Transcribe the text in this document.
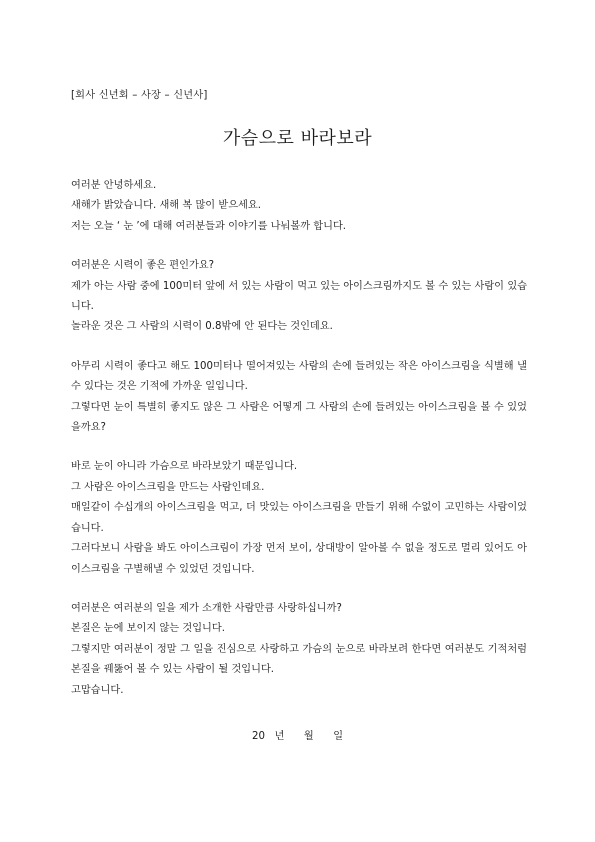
[회사 신년회 – 사장 – 신년사]
가슴으로 바라보라

여러분 안녕하세요.
새해가 밝았습니다. 새해 복 많이 받으세요.
저는 오늘 ‘ 눈 ’에 대해 여러분들과 이야기를 나눠볼까 합니다.

여러분은 시력이 좋은 편인가요?
제가 아는 사람 중에 100미터 앞에 서 있는 사람이 먹고 있는 아이스크림까지도 볼 수 있는 사람이 있습니다.
놀라운 것은 그 사람의 시력이 0.8밖에 안 된다는 것인데요.

아무리 시력이 좋다고 해도 100미터나 떨어져있는 사람의 손에 들려있는 작은 아이스크림을 식별해 낼 수 있다는 것은 기적에 가까운 일입니다.
그렇다면 눈이 특별히 좋지도 않은 그 사람은 어떻게 그 사람의 손에 들려있는 아이스크림을 볼 수 있었을까요?

바로 눈이 아니라 가슴으로 바라보았기 때문입니다.
그 사람은 아이스크림을 만드는 사람인데요.
매일같이 수십개의 아이스크림을 먹고, 더 맛있는 아이스크림을 만들기 위해 수없이 고민하는 사람이었습니다.
그러다보니 사람을 봐도 아이스크림이 가장 먼저 보이, 상대방이 알아볼 수 없을 정도로 멀리 있어도 아이스크림을 구별해낼 수 있었던 것입니다.

여러분은 여러분의 일을 제가 소개한 사람만큼 사랑하십니까?
본질은 눈에 보이지 않는 것입니다.
그렇지만 여러분이 정말 그 일을 진심으로 사랑하고 가슴의 눈으로 바라보려 한다면 여러분도 기적처럼 본질을 꿰뚫어 볼 수 있는 사람이 될 것입니다.
고맙습니다.

20   년      월      일
